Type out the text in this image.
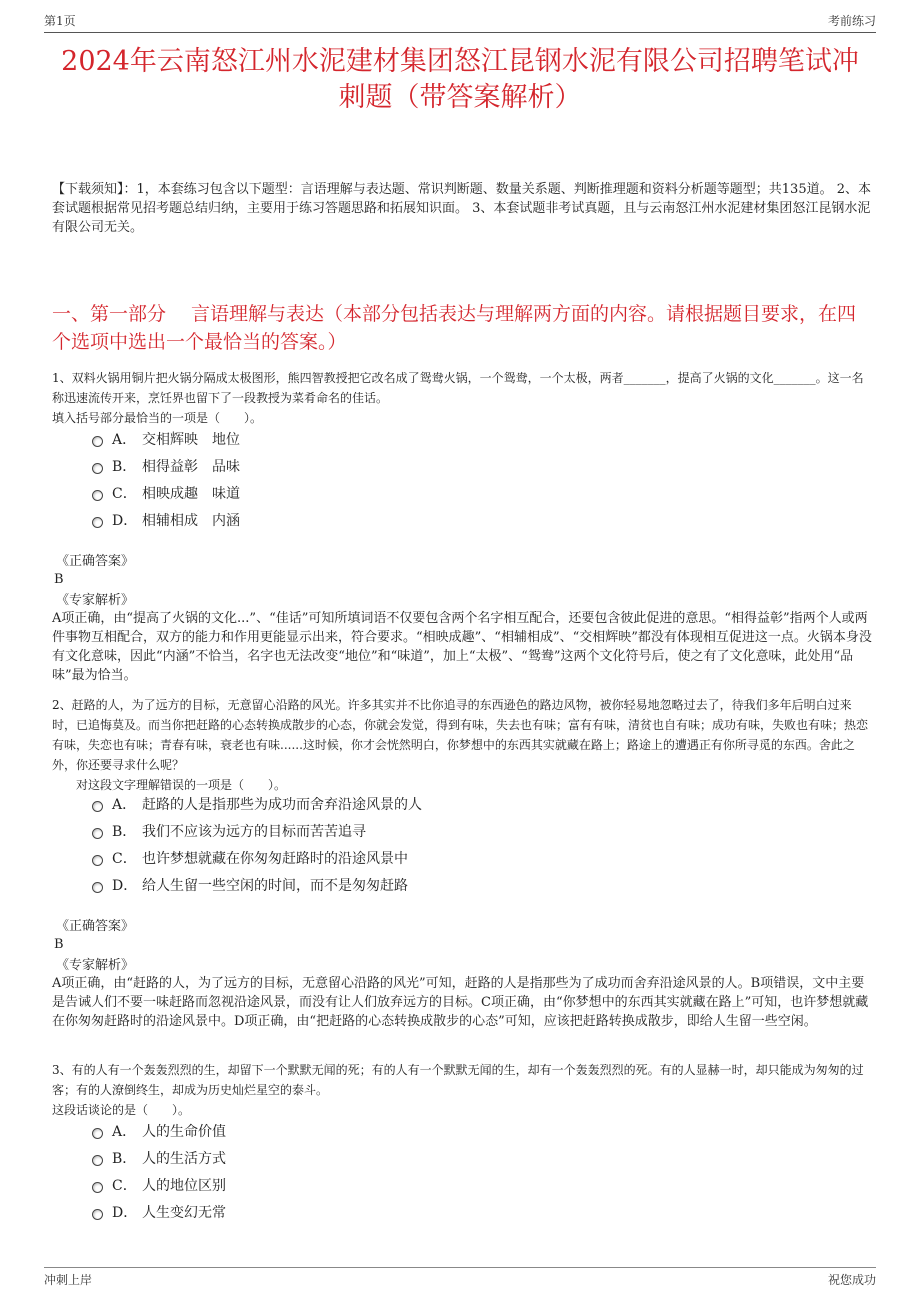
第1页	考前练习
2024年云南怒江州水泥建材集团怒江昆钢水泥有限公司招聘笔试冲刺题（带答案解析）
【下载须知】：1，本套练习包含以下题型：言语理解与表达题、常识判断题、数量关系题、判断推理题和资料分析题等题型；共135道。 2、本套试题根据常见招考题总结归纳，主要用于练习答题思路和拓展知识面。 3、本套试题非考试真题，且与云南怒江州水泥建材集团怒江昆钢水泥有限公司无关。
一、第一部分　 言语理解与表达（本部分包括表达与理解两方面的内容。请根据题目要求，在四个选项中选出一个最恰当的答案。）

1、双料火锅用铜片把火锅分隔成太极图形，熊四智教授把它改名成了鸳鸯火锅，一个鸳鸯，一个太极，两者_______，提高了火锅的文化_______。这一名称迅速流传开来，烹饪界也留下了一段教授为菜肴命名的佳话。

填入括号部分最恰当的一项是（　　）。

A． 交相辉映　地位
B． 相得益彰　品味
C． 相映成趣　味道
D． 相辅相成　内涵
《正确答案》
B
《专家解析》

A项正确，由“提高了火锅的文化...”、“佳话”可知所填词语不仅要包含两个名字相互配合，还要包含彼此促进的意思。“相得益彰”指两个人或两件事物互相配合，双方的能力和作用更能显示出来，符合要求。“相映成趣”、“相辅相成”、“交相辉映”都没有体现相互促进这一点。火锅本身没有文化意味，因此“内涵”不恰当，名字也无法改变“地位”和“味道”，加上“太极”、“鸳鸯”这两个文化符号后，使之有了文化意味，此处用“品味”最为恰当。

2、赶路的人，为了远方的目标，无意留心沿路的风光。许多其实并不比你追寻的东西逊色的路边风物，被你轻易地忽略过去了，待我们多年后明白过来时，已追悔莫及。而当你把赶路的心态转换成散步的心态，你就会发觉，得到有味，失去也有味；富有有味，清贫也自有味；成功有味，失败也有味；热恋有味，失恋也有味；青春有味，衰老也有味......这时候，你才会恍然明白，你梦想中的东西其实就藏在路上；路途上的遭遇正有你所寻觅的东西。舍此之外，你还要寻求什么呢？

对这段文字理解错误的一项是（　　）。

A． 赶路的人是指那些为成功而舍弃沿途风景的人
B． 我们不应该为远方的目标而苦苦追寻
C． 也许梦想就藏在你匆匆赶路时的沿途风景中
D． 给人生留一些空闲的时间，而不是匆匆赶路
《正确答案》
B
《专家解析》

A项正确，由“赶路的人，为了远方的目标，无意留心沿路的风光”可知，赶路的人是指那些为了成功而舍弃沿途风景的人。B项错误，文中主要是告诫人们不要一味赶路而忽视沿途风景，而没有让人们放弃远方的目标。C项正确，由“你梦想中的东西其实就藏在路上”可知，也许梦想就藏在你匆匆赶路时的沿途风景中。D项正确，由“把赶路的心态转换成散步的心态”可知，应该把赶路转换成散步，即给人生留一些空闲。

3、有的人有一个轰轰烈烈的生，却留下一个默默无闻的死；有的人有一个默默无闻的生，却有一个轰轰烈烈的死。有的人显赫一时，却只能成为匆匆的过客；有的人潦倒终生，却成为历史灿烂星空的泰斗。

这段话谈论的是（　　）。

A． 人的生命价值
B． 人的生活方式
C． 人的地位区别
D． 人生变幻无常
冲刺上岸	祝您成功
